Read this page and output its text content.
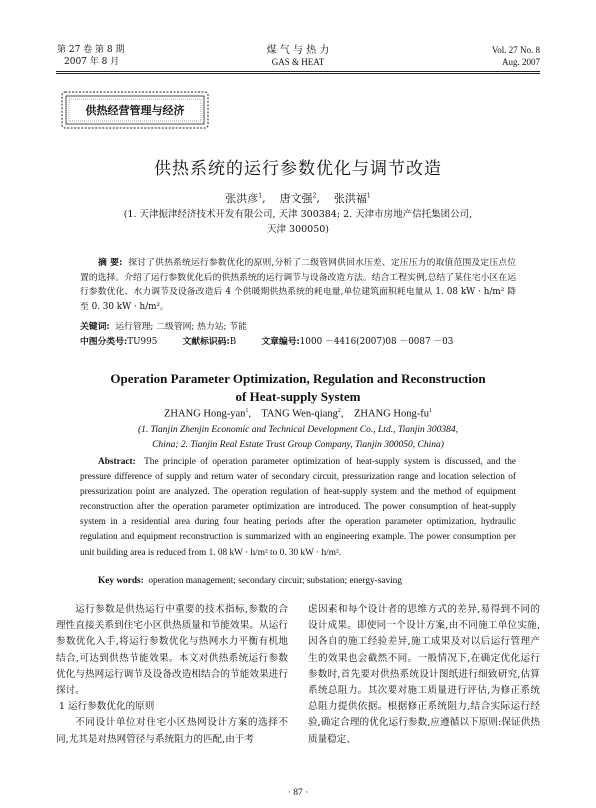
第 27 卷 第 8 期
2007 年 8 月
煤 气 与 热 力
GAS & HEAT
Vol. 27 No. 8
Aug. 2007
供热经营管理与经济
供热系统的运行参数优化与调节改造
张洪彦$^1$,    唐文强$^2$,    张洪福$^1$
(1. 天津振津经济技术开发有限公司, 天津 300384; 2. 天津市房地产信托集团公司,
天津 300050)
摘 要: 探讨了供热系统运行参数优化的原则,分析了二级管网供回水压差、定压压力的取值范围及定压点位置的选择。介绍了运行参数优化后的供热系统的运行调节与设备改造方法。结合工程实例,总结了某住宅小区在运行参数优化、水力调节及设备改造后 4 个供暖期供热系统的耗电量,单位建筑面积耗电量从 1. 08 kW · h/m² 降至 0. 30 kW · h/m²。
关键词: 运行管理; 二级管网; 热力站; 节能
中图分类号:TU995	文献标识码:B	文章编号:1000 －4416(2007)08 －0087 －03
Operation Parameter Optimization, Regulation and Reconstruction
of Heat-supply System
ZHANG Hong-yan$^1$,    TANG Wen-qiang$^2$,    ZHANG Hong-$fu^1$
(1. Tianjin Zhenjin Economic and Technical Development Co., Ltd., Tianjin 300384,
China; 2. Tianjin Real Estate Trust Group Company, Tianjin 300050, China)
Abstract: The principle of operation parameter optimization of heat-supply system is discussed, and the pressure difference of supply and return water of secondary circuit, pressurization range and location selection of pressurization point are analyzed. The operation regulation of heat-supply system and the method of equipment reconstruction after the operation parameter optimization are introduced. The power consumption of heat-supply system in a residential area during four heating periods after the operation parameter optimization, hydraulic regulation and equipment reconstruction is summarized with an engineering example. The power consumption per unit building area is reduced from 1. 08 kW · h/m² to 0. 30 kW · h/m².
Key words: operation management; secondary circuit; substation; energy-saving

运行参数是供热运行中重要的技术指标,参数的合理性直接关系到住宅小区供热质量和节能效果。从运行参数优化入手,将运行参数优化与热网水力平衡有机地结合,可达到供热节能效果。本文对供热系统运行参数优化与热网运行调节及设备改造相结合的节能效果进行探讨。

1 运行参数优化的原则

不同设计单位对住宅小区热网设计方案的选择不同,尤其是对热网管径与系统阻力的匹配,由于考

虑因素和每个设计者的思维方式的差异,易得到不同的设计成果。即使同一个设计方案,由不同施工单位实施,因各自的施工经验差异,施工成果及对以后运行管理产生的效果也会截然不同。一般情况下,在确定优化运行参数时,首先要对供热系统设计图纸进行细致研究,估算系统总阻力。其次要对施工质量进行评估,为修正系统总阻力提供依据。根据修正系统阻力,结合实际运行经验,确定合理的优化运行参数,应遵循以下原则:保证供热质量稳定、

· 87 ·
